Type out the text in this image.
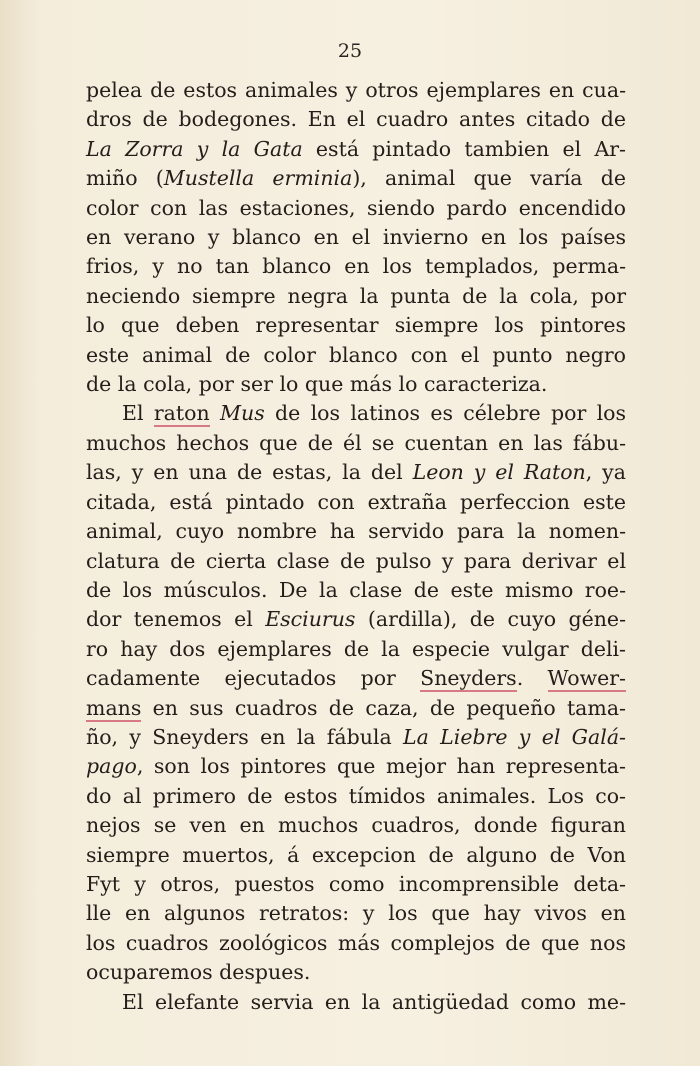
25
pelea de estos animales y otros ejemplares en cua-
dros de bodegones. En el cuadro antes citado de
La Zorra y la Gata está pintado tambien el Ar-
miño (Mustella erminia), animal que varía de
color con las estaciones, siendo pardo encendido
en verano y blanco en el invierno en los países
frios, y no tan blanco en los templados, perma-
neciendo siempre negra la punta de la cola, por
lo que deben representar siempre los pintores
este animal de color blanco con el punto negro
de la cola, por ser lo que más lo caracteriza.
El raton Mus de los latinos es célebre por los
muchos hechos que de él se cuentan en las fábu-
las, y en una de estas, la del Leon y el Raton, ya
citada, está pintado con extraña perfeccion este
animal, cuyo nombre ha servido para la nomen-
clatura de cierta clase de pulso y para derivar el
de los músculos. De la clase de este mismo roe-
dor tenemos el Esciurus (ardilla), de cuyo géne-
ro hay dos ejemplares de la especie vulgar deli-
cadamente ejecutados por Sneyders. Wower-
mans en sus cuadros de caza, de pequeño tama-
ño, y Sneyders en la fábula La Liebre y el Galá-
pago, son los pintores que mejor han representa-
do al primero de estos tímidos animales. Los co-
nejos se ven en muchos cuadros, donde figuran
siempre muertos, á excepcion de alguno de Von
Fyt y otros, puestos como incomprensible deta-
lle en algunos retratos: y los que hay vivos en
los cuadros zoológicos más complejos de que nos
ocuparemos despues.
El elefante servia en la antigüedad como me-
